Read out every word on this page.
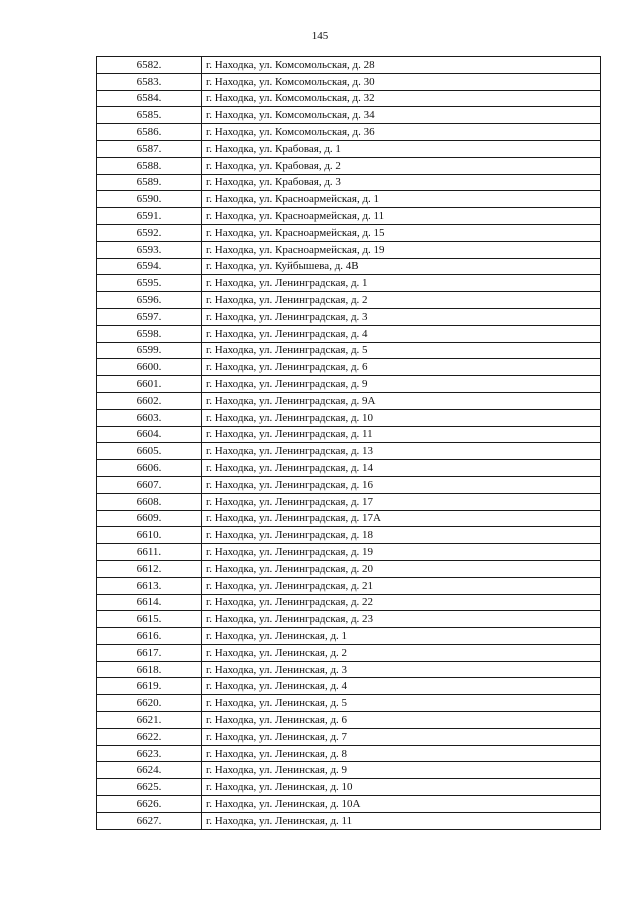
145
6582.	г. Находка, ул. Комсомольская, д. 28
6583.	г. Находка, ул. Комсомольская, д. 30
6584.	г. Находка, ул. Комсомольская, д. 32
6585.	г. Находка, ул. Комсомольская, д. 34
6586.	г. Находка, ул. Комсомольская, д. 36
6587.	г. Находка, ул. Крабовая, д. 1
6588.	г. Находка, ул. Крабовая, д. 2
6589.	г. Находка, ул. Крабовая, д. 3
6590.	г. Находка, ул. Красноармейская, д. 1
6591.	г. Находка, ул. Красноармейская, д. 11
6592.	г. Находка, ул. Красноармейская, д. 15
6593.	г. Находка, ул. Красноармейская, д. 19
6594.	г. Находка, ул. Куйбышева, д. 4В
6595.	г. Находка, ул. Ленинградская, д. 1
6596.	г. Находка, ул. Ленинградская, д. 2
6597.	г. Находка, ул. Ленинградская, д. 3
6598.	г. Находка, ул. Ленинградская, д. 4
6599.	г. Находка, ул. Ленинградская, д. 5
6600.	г. Находка, ул. Ленинградская, д. 6
6601.	г. Находка, ул. Ленинградская, д. 9
6602.	г. Находка, ул. Ленинградская, д. 9А
6603.	г. Находка, ул. Ленинградская, д. 10
6604.	г. Находка, ул. Ленинградская, д. 11
6605.	г. Находка, ул. Ленинградская, д. 13
6606.	г. Находка, ул. Ленинградская, д. 14
6607.	г. Находка, ул. Ленинградская, д. 16
6608.	г. Находка, ул. Ленинградская, д. 17
6609.	г. Находка, ул. Ленинградская, д. 17А
6610.	г. Находка, ул. Ленинградская, д. 18
6611.	г. Находка, ул. Ленинградская, д. 19
6612.	г. Находка, ул. Ленинградская, д. 20
6613.	г. Находка, ул. Ленинградская, д. 21
6614.	г. Находка, ул. Ленинградская, д. 22
6615.	г. Находка, ул. Ленинградская, д. 23
6616.	г. Находка, ул. Ленинская, д. 1
6617.	г. Находка, ул. Ленинская, д. 2
6618.	г. Находка, ул. Ленинская, д. 3
6619.	г. Находка, ул. Ленинская, д. 4
6620.	г. Находка, ул. Ленинская, д. 5
6621.	г. Находка, ул. Ленинская, д. 6
6622.	г. Находка, ул. Ленинская, д. 7
6623.	г. Находка, ул. Ленинская, д. 8
6624.	г. Находка, ул. Ленинская, д. 9
6625.	г. Находка, ул. Ленинская, д. 10
6626.	г. Находка, ул. Ленинская, д. 10А
6627.	г. Находка, ул. Ленинская, д. 11
